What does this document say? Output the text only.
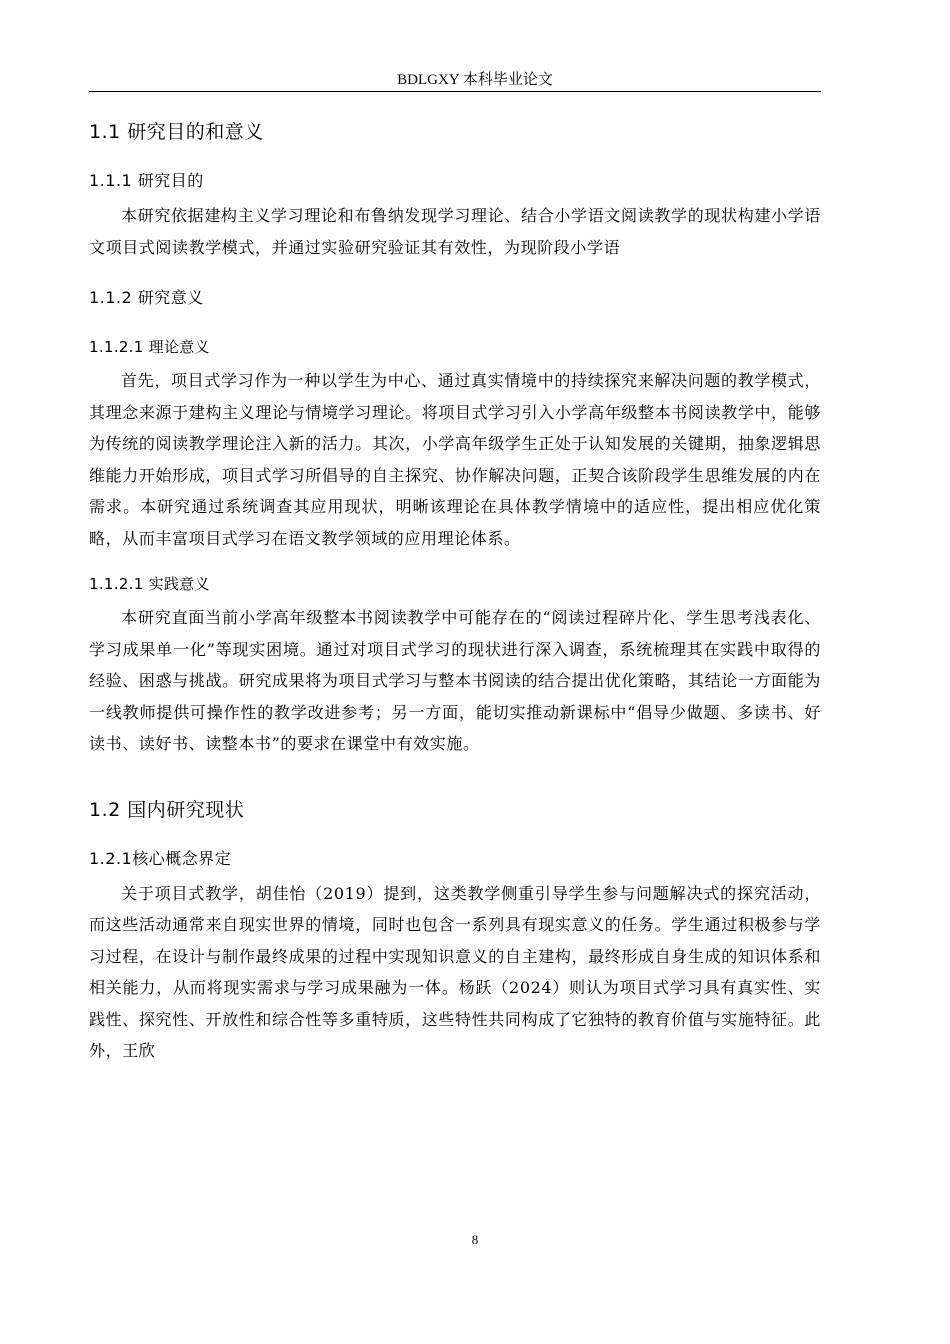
BDLGXY 本科毕业论文
1.1 研究目的和意义
1.1.1 研究目的

本研究依据建构主义学习理论和布鲁纳发现学习理论、结合小学语文阅读教学的现状构建小学语文项目式阅读教学模式，并通过实验研究验证其有效性，为现阶段小学语

1.1.2 研究意义
1.1.2.1 理论意义

首先，项目式学习作为一种以学生为中心、通过真实情境中的持续探究来解决问题的教学模式，其理念来源于建构主义理论与情境学习理论。将项目式学习引入小学高年级整本书阅读教学中，能够为传统的阅读教学理论注入新的活力。其次，小学高年级学生正处于认知发展的关键期，抽象逻辑思维能力开始形成，项目式学习所倡导的自主探究、协作解决问题，正契合该阶段学生思维发展的内在需求。本研究通过系统调查其应用现状，明晰该理论在具体教学情境中的适应性，提出相应优化策略，从而丰富项目式学习在语文教学领域的应用理论体系。

1.1.2.1 实践意义

本研究直面当前小学高年级整本书阅读教学中可能存在的“阅读过程碎片化、学生思考浅表化、学习成果单一化”等现实困境。通过对项目式学习的现状进行深入调查，系统梳理其在实践中取得的经验、困惑与挑战。研究成果将为项目式学习与整本书阅读的结合提出优化策略，其结论一方面能为一线教师提供可操作性的教学改进参考；另一方面，能切实推动新课标中“倡导少做题、多读书、好读书、读好书、读整本书”的要求在课堂中有效实施。

1.2 国内研究现状
1.2.1核心概念界定

关于项目式教学，胡佳怡（2019）提到，这类教学侧重引导学生参与问题解决式的探究活动，而这些活动通常来自现实世界的情境，同时也包含一系列具有现实意义的任务。学生通过积极参与学习过程，在设计与制作最终成果的过程中实现知识意义的自主建构，最终形成自身生成的知识体系和相关能力，从而将现实需求与学习成果融为一体。杨跃（2024）则认为项目式学习具有真实性、实践性、探究性、开放性和综合性等多重特质，这些特性共同构成了它独特的教育价值与实施特征。此外，王欣

8
